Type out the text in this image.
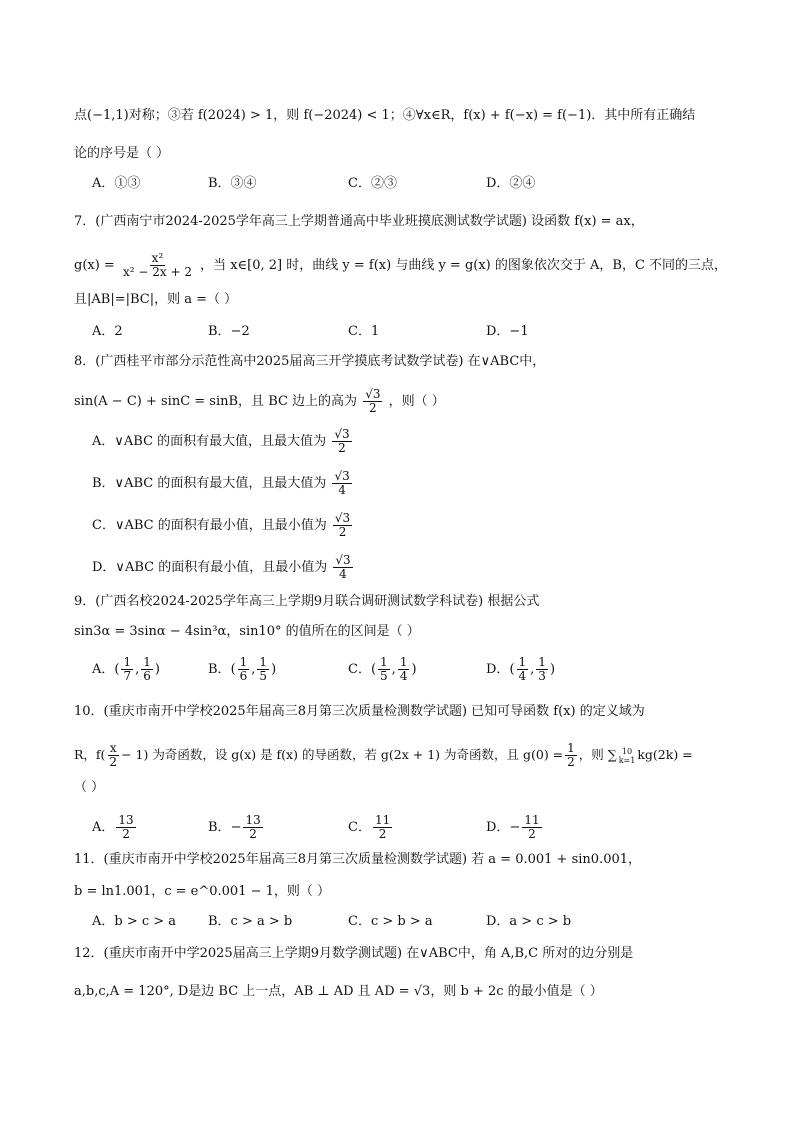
点(−1,1)对称；③若 f(2024) > 1，则 f(−2024) < 1；④∀x∈R，f(x) + f(−x) = f(−1)．其中所有正确结
论的序号是（ ）
A．①③	B．③④	C．②③	D．②④
7．(广西南宁市2024-2025学年高三上学期普通高中毕业班摸底测试数学试题) 设函数 f(x) = ax，
$g(x) = \frac{\text{x²}}{\text{x² − 2x + 2}}$ ，当 x∈[0, 2] 时，曲线 y = f(x) 与曲线 y = g(x) 的图象依次交于 A，B，C 不同的三点，
且|AB|=|BC|，则 a =（ ）
A．2	B．−2	C．1	D．−1
8．(广西桂平市部分示范性高中2025届高三开学摸底考试数学试卷) 在∨ABC中，
sin(A − C) + sinC = sinB，且 BC 边上的高为 $\frac{√3}{2}$ ，则（ ）
A．∨ABC 的面积有最大值，且最大值为 $\frac{√3}{2}$
B．∨ABC 的面积有最大值，且最大值为 $\frac{√3}{4}$
C．∨ABC 的面积有最小值，且最小值为 $\frac{√3}{2}$
D．∨ABC 的面积有最小值，且最小值为 $\frac{√3}{4}$
9．(广西名校2024-2025学年高三上学期9月联合调研测试数学科试卷) 根据公式
sin3α = 3sinα − 4sin³α，sin10° 的值所在的区间是（ ）
A．( $\frac{1}{7}$ , $\frac{1}{6}$ )	B．( $\frac{1}{6}$ , $\frac{1}{5}$ )	C．( $\frac{1}{5}$ , $\frac{1}{4}$ )	D．( $\frac{1}{4}$ , $\frac{1}{3}$ )
10．(重庆市南开中学校2025年届高三8月第三次质量检测数学试题) 已知可导函数 f(x) 的定义域为
R，$f( \frac{x}{2} - 1)$ 为奇函数，设 g(x) 是 f(x) 的导函数，若 g(2x + 1) 为奇函数，且 $g(0) = \frac{1}{2}$ ，则 ∑ 10
k=1 kg(2k) =
（ ）
A． $\frac{13}{2}$	B．− $\frac{13}{2}$	C． $\frac{11}{2}$	D．− $\frac{11}{2}$
11．(重庆市南开中学校2025年届高三8月第三次质量检测数学试题) 若 a = 0.001 + sin0.001，
b = ln1.001，c = e^0.001 − 1，则（ ）
A．b > c > a B．c > a > b	C．c > b > a	D．a > c > b
12．(重庆市南开中学2025届高三上学期9月数学测试题) 在∨ABC中，角 A,B,C 所对的边分别是
a,b,c,A = 120°, D是边 BC 上一点，AB ⊥ AD 且 AD = √3，则 b + 2c 的最小值是（ ）
